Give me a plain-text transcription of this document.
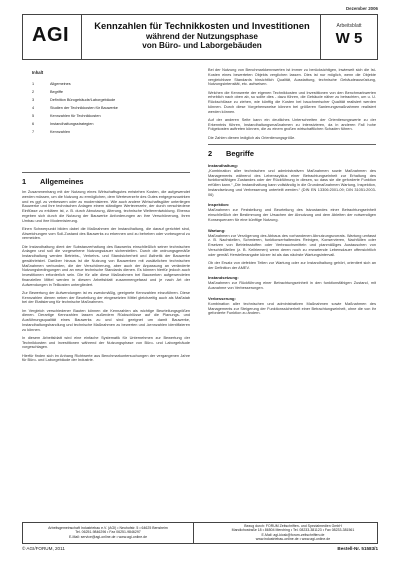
Dezember 2006
AGI	Kennzahlen für Technikkosten und Investitionen
während der Nutzungsphase
von Büro- und Laborgebäuden
Arbeitsblatt
W 5
Inhalt
1	Allgemeines
2	Begriffe
3	Definition Bürogebäude/Laborgebäude
4	Studien der Technikkosten für Bauwerke
5	Kennzahlen für Technikkosten
6	Instandhaltungsstrategien
7	Kennzahlen
1 Allgemeines

Im Zusammenhang mit der Nutzung eines Wirtschaftsgutes entstehen Kosten, die aufgewendet werden müssen, um die Nutzung zu ermöglichen, dem Werteverzehr des Gutes entgegenzuwirken und es ggf. zu verbessern oder zu modernisieren. Wie auch andere Wirtschaftsgüter unterliegen Bauwerke und ihre technischen Anlagen einem ständigen Werteverzehr, der durch verschiedene Einflüsse zu erklären ist, z. B. durch Abnutzung, Alterung, technische Weiterentwicklung. Ebenso ergeben sich durch die Nutzung der Bauwerke Anforderungen an ihre Verschönerung, ihren Umbau und ihre Modernisierung.

Einen Schwerpunkt bilden dabei die Maßnahmen der Instandhaltung, die darauf gerichtet sind, Abweichungen vom Soll-Zustand des Bauwerks zu erkennen und zu beheben oder vorbeugend zu vermeiden.

Die Instandhaltung dient der Substanzerhaltung des Bauwerks einschließlich seiner technischen Anlagen und soll die vorgesehene Nutzungsdauer sicherstellen. Durch die ordnungsgemäße Instandhaltung werden Betriebs-, Verkehrs- und Standsicherheit und Ästhetik der Bauwerke gewährleistet. Darüber hinaus ist die Nutzung von Bauwerken mit zusätzlichen technischen Maßnahmen verbunden, die der Verschönerung, aber auch der Anpassung an veränderte Nutzungsbedingungen und an neue technische Standards dienen. Es können hierfür jedoch auch Investitionen erforderlich sein. Die für alle diese Maßnahmen bei Bauwerken aufgewendeten finanziellen Mittel werden in diesem Arbeitsblatt zusammengefasst und je nach Art der Aufwendungen in Teilkosten untergliedert.

Zur Bewertung der Aufwendungen ist es zweckmäßig, geeignete Kennzahlen einzuführen. Diese Kennzahlen dienen neben der Beurteilung der eingesetzten Mittel gleichzeitig auch als Maßstab bei der Etatisierung für technische Maßnahmen.

Im Vergleich verschiedener Bauten können die Kennzahlen als wichtige Beurteilungsgrößen dienen. Derartige Kennzahlen lassen außerdem Rückschlüsse auf die Planungs- und Ausführungsqualität eines Bauwerks zu und sind geeignet um damit Bauwerke, Instandhaltungshandlung und technische Maßnahmen zu bewerten und -kennzahlen identifizieren zu können.

In diesem Arbeitsblatt wird eine einfache Systematik für Unternehmen zur Bewertung der Technikkosten und Investitionen während der Nutzungsphase von Büro- und Laborgebäude vorgeschlagen.

Hierfür finden sich im Anhang Richtwerte aus Benchmarkuntersuchungen der vergangenen Jahre für Büro- und Laborgebäude der Industrie.

Bei der Nutzung von Benchmarkkennwerten ist immer zu berücksichtigen, inwieweit sich die Ist-Kosten eines bewerteten Objekts verglichen lassen. Dies ist nur möglich, wenn die Objekte vergleichbare Standards hinsichtlich Qualität, Ausstattung, technische Gebäudeausrüstung, Nutzungsintensität, etc. aufweisen.

Welchen die Kennwerte der eigenen Technikkosten und Investitionen von den Benchmarkwerten erheblich nach oben ab, so sollte dies - dazu führen, die Gebäude näher zu betrachten, um u. U. Rückschlüsse zu ziehen, wie künftig die Kosten bei bauchnerischer Qualität realisiert werden können. Durch diese Vorgehensweise können bei größeren Sanierungsmaßnahmen realisiert werden können.

Auf der anderen Seite kann ein deutliches Unterschreiten der Orientierungswerte zu der Erkenntnis führen, Instandhaltungsmaßnahmen zu intensivieren, da in anderen Fall hohe Folgekosten auftreten können, die zu einem großen wirtschaftlichen Schaden führen.

Die Zahlen dienen lediglich als Orientierungsgröße.

2 Begriffe
Instandhaltung:

„Kombination aller technischen und administrativen Maßnahmen sowie Maßnahmen des Managements während des Lebenszyklus einer Betrachtungseinheit zur Erhaltung des funktionsfähigen Zustandes oder der Rückführung in diesen, so dass sie die geforderte Funktion erfüllen kann.“ „Die Instandhaltung kann vollständig in die Grundmaßnahmen Wartung, Inspektion, Instandsetzung und Verbesserung unterteilt werden.“ (DIN EN 13306:2001-09; DIN 31051:2003-06)

Inspektion:

Maßnahmen zur Feststellung und Beurteilung des Istzustandes einer Betrachtungseinheit einschließlich der Bestimmung der Ursachen der Abnutzung und dem Ableiten der notwendigen Konsequenzen für eine künftige Nutzung.

Wartung:

Maßnahmen zur Verzögerung des Abbaus des vorhandenen Abnutzungsvorrats. Wartung umfasst z. B. Nachstellen, Schmieren, funktionserhaltendes Reinigen, Konservieren, Nachfüllen oder Ersetzen von Betriebsstoffen oder Verbrauchsmitteln und planmäßiges Austauschen von Verschleißteilen (z. B. Keilriemen) wenn deren noch zu erwartende Lebensdauer offensichtlich oder gemäß Herstellerangabe kürzer ist als das nächste Wartungsintervall.

Ob der Ersatz von defekten Teilen zur Wartung oder zur Instandhaltung gehört, orientiert sich an der Definition der AMEV.

Instandsetzung:

Maßnahmen zur Rückführung einer Betrachtungseinheit in den funktionsfähigen Zustand, mit Ausnahme von Verbesserungen.

Verbesserung:

Kombination aller technischen und administrativen Maßnahmen sowie Maßnahmen des Managements zur Steigerung der Funktionssicherheit einer Betrachtungseinheit, ohne die von ihr geforderte Funktion zu ändern.

Arbeitsgemeinschaft Industriebau e.V. (AGI) • Neuhofstr. 5 • 64625 Bensheim
Tel. 06251-9846296 • Fax 06251-9846297
E-Mail: service@agi-online.de • www.agi-online.de
Bezug durch: FORUM Zeitschriften- und Spezialmedien GmbH
Mandichostraße 18 • 86504 Merching • Tel. 08233-381123 • Fax 08233-381561
E-Mail: agi-kiosk@forum-zeitschriften.de
www.industriebau-online.de • www.agi-online.de
© AGI/FORUM, 2011	Bestell-Nr. 51583/1
